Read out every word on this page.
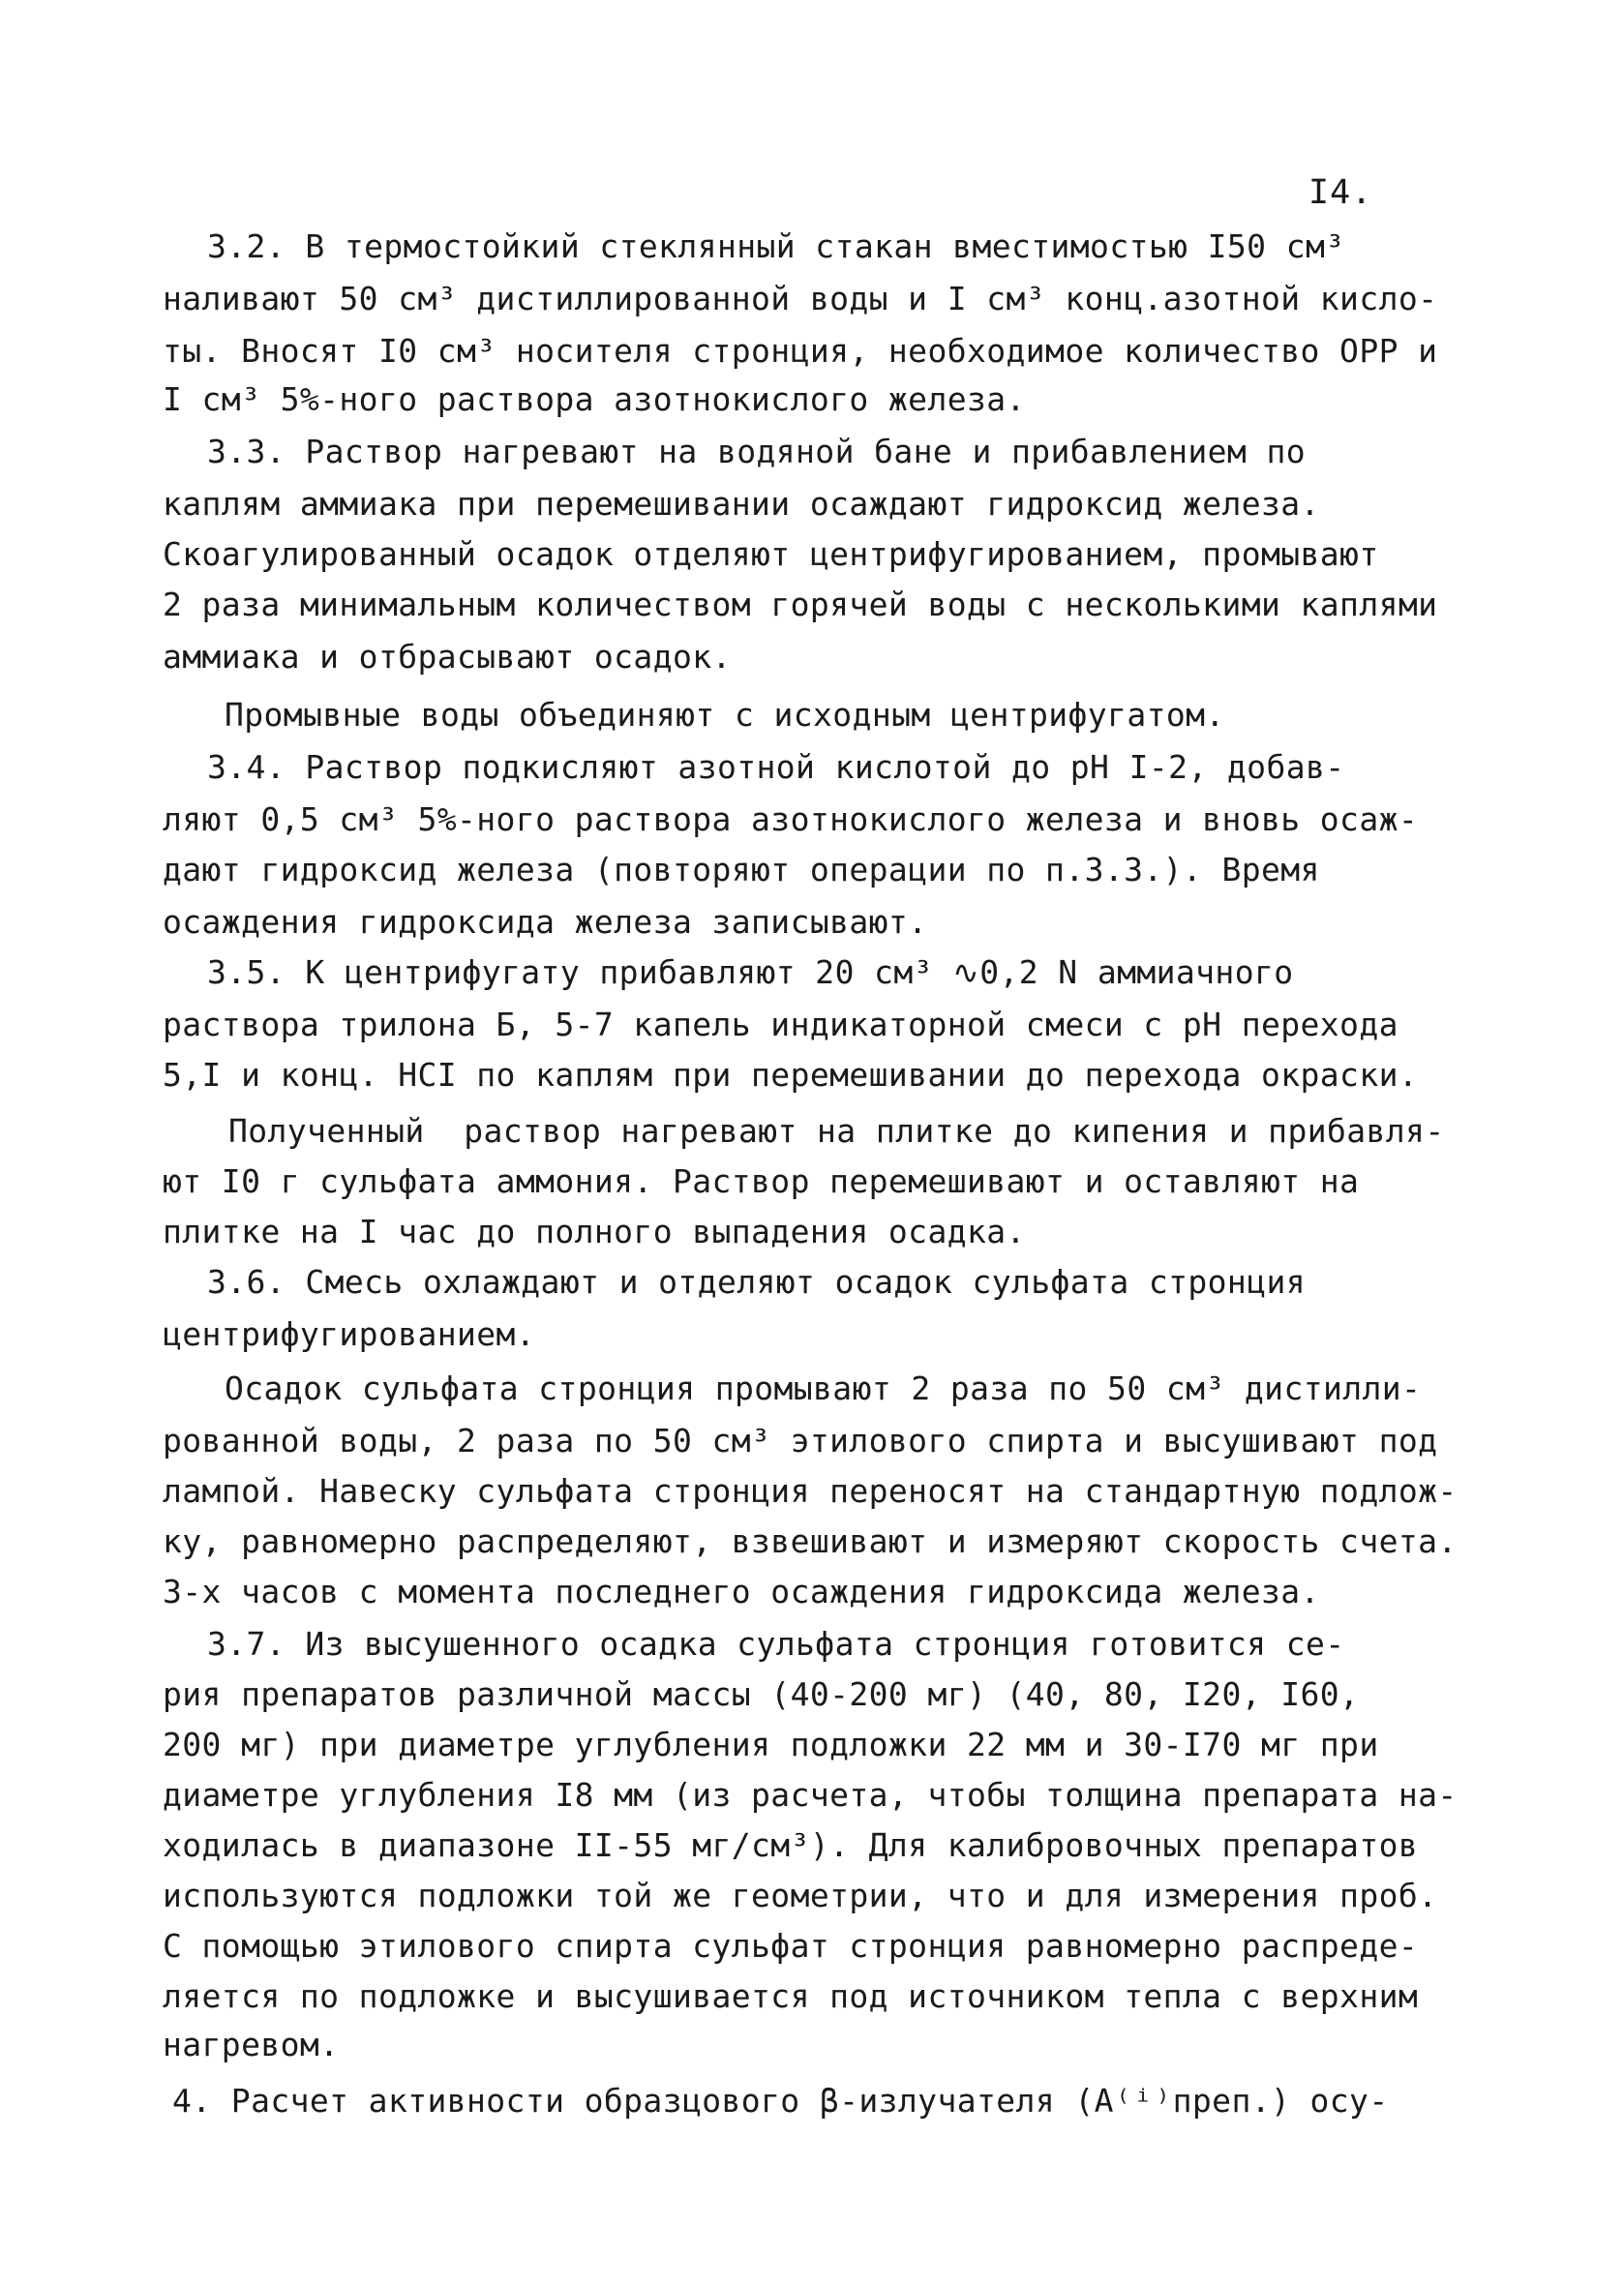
I4.
3.2. В термостойкий стеклянный стакан вместимостью I50 см³
наливают 50 см³ дистиллированной воды и I см³ конц.азотной кисло-
ты. Вносят I0 см³ носителя стронция, необходимое количество ОРР и
I см³ 5%-ного раствора азотнокислого железа.
3.3. Раствор нагревают на водяной бане и прибавлением по
каплям аммиака при перемешивании осаждают гидроксид железа.
Скоагулированный осадок отделяют центрифугированием, промывают
2 раза минимальным количеством горячей воды с несколькими каплями
аммиака и отбрасывают осадок.
Промывные воды объединяют с исходным центрифугатом.
3.4. Раствор подкисляют азотной кислотой до pH I-2, добав-
ляют 0,5 см³ 5%-ного раствора азотнокислого железа и вновь осаж-
дают гидроксид железа (повторяют операции по п.3.3.). Время
осаждения гидроксида железа записывают.
3.5. К центрифугату прибавляют 20 см³ ∿0,2 N аммиачного
раствора трилона Б, 5-7 капель индикаторной смеси с pH перехода
5,I и конц. HCI по каплям при перемешивании до перехода окраски.
Полученный  раствор нагревают на плитке до кипения и прибавля-
ют I0 г сульфата аммония. Раствор перемешивают и оставляют на
плитке на I час до полного выпадения осадка.
3.6. Смесь охлаждают и отделяют осадок сульфата стронция
центрифугированием.
Осадок сульфата стронция промывают 2 раза по 50 см³ дистилли-
рованной воды, 2 раза по 50 см³ этилового спирта и высушивают под
лампой. Навеску сульфата стронция переносят на стандартную подлож-
ку, равномерно распределяют, взвешивают и измеряют скорость счета.
3-х часов с момента последнего осаждения гидроксида железа.
3.7. Из высушенного осадка сульфата стронция готовится се-
рия препаратов различной массы (40-200 мг) (40, 80, I20, I60,
200 мг) при диаметре углубления подложки 22 мм и 30-I70 мг при
диаметре углубления I8 мм (из расчета, чтобы толщина препарата на-
ходилась в диапазоне II-55 мг/см³). Для калибровочных препаратов
используются подложки той же геометрии, что и для измерения проб.
С помощью этилового спирта сульфат стронция равномерно распреде-
ляется по подложке и высушивается под источником тепла с верхним
нагревом.
4. Расчет активности образцового β-излучателя (A⁽ⁱ⁾преп.) осу-
